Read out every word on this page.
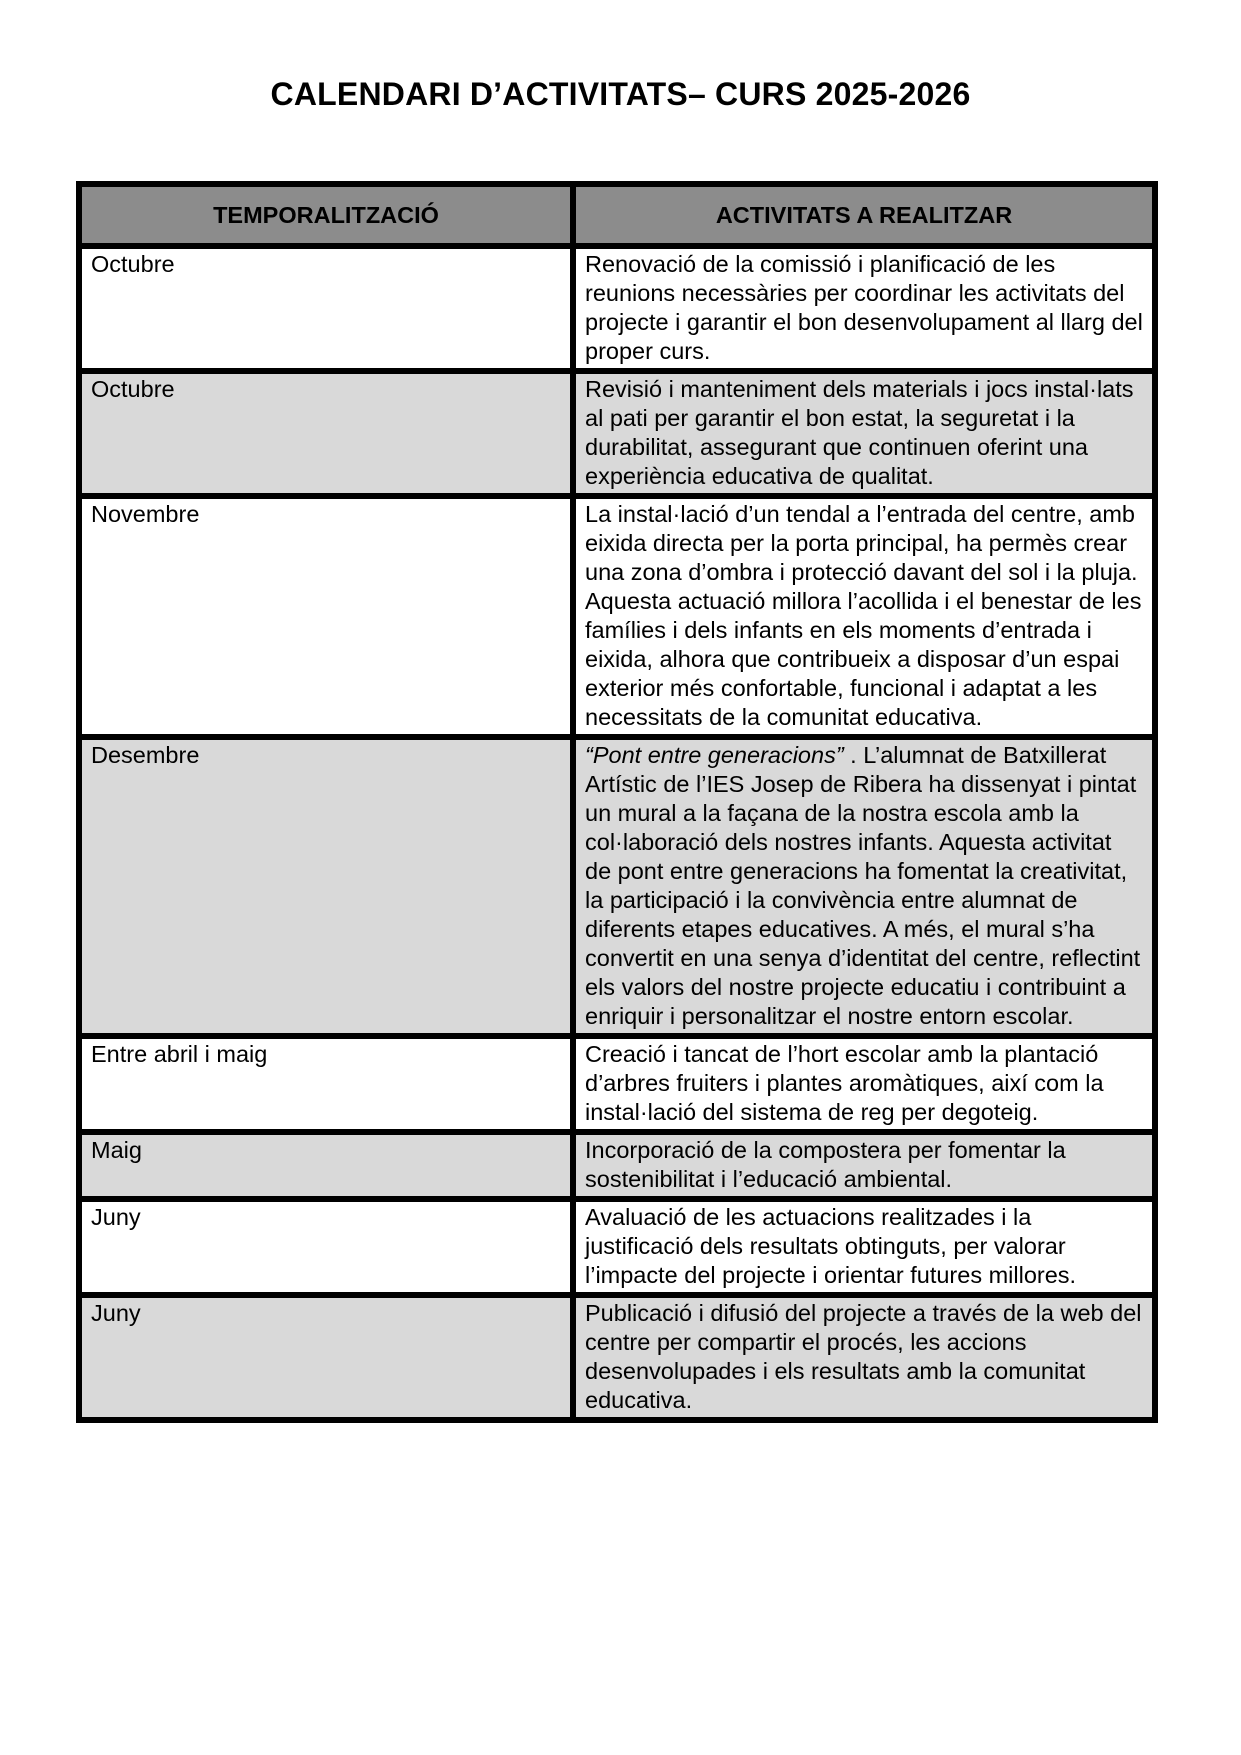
CALENDARI D’ACTIVITATS– CURS 2025-2026
TEMPORALITZACIÓ	ACTIVITATS A REALITZAR
Octubre	Renovació de la comissió i planificació de les reunions necessàries per coordinar les activitats del projecte i garantir el bon desenvolupament al llarg del proper curs.
Octubre	Revisió i manteniment dels materials i jocs instal·lats al pati per garantir el bon estat, la seguretat i la durabilitat, assegurant que continuen oferint una experiència educativa de qualitat.
Novembre	La instal·lació d’un tendal a l’entrada del centre, amb eixida directa per la porta principal, ha permès crear una zona d’ombra i protecció davant del sol i la pluja. Aquesta actuació millora l’acollida i el benestar de les famílies i dels infants en els moments d’entrada i eixida, alhora que contribueix a disposar d’un espai exterior més confortable, funcional i adaptat a les necessitats de la comunitat educativa.
Desembre	“Pont entre generacions” . L’alumnat de Batxillerat Artístic de l’IES Josep de Ribera ha dissenyat i pintat un mural a la façana de la nostra escola amb la col·laboració dels nostres infants. Aquesta activitat de pont entre generacions ha fomentat la creativitat, la participació i la convivència entre alumnat de diferents etapes educatives. A més, el mural s’ha convertit en una senya d’identitat del centre, reflectint els valors del nostre projecte educatiu i contribuint a enriquir i personalitzar el nostre entorn escolar.
Entre abril i maig	Creació i tancat de l’hort escolar amb la plantació d’arbres fruiters i plantes aromàtiques, així com la instal·lació del sistema de reg per degoteig.
Maig	Incorporació de la compostera per fomentar la sostenibilitat i l’educació ambiental.
Juny	Avaluació de les actuacions realitzades i la justificació dels resultats obtinguts, per valorar l’impacte del projecte i orientar futures millores.
Juny	Publicació i difusió del projecte a través de la web del centre per compartir el procés, les accions desenvolupades i els resultats amb la comunitat educativa.
